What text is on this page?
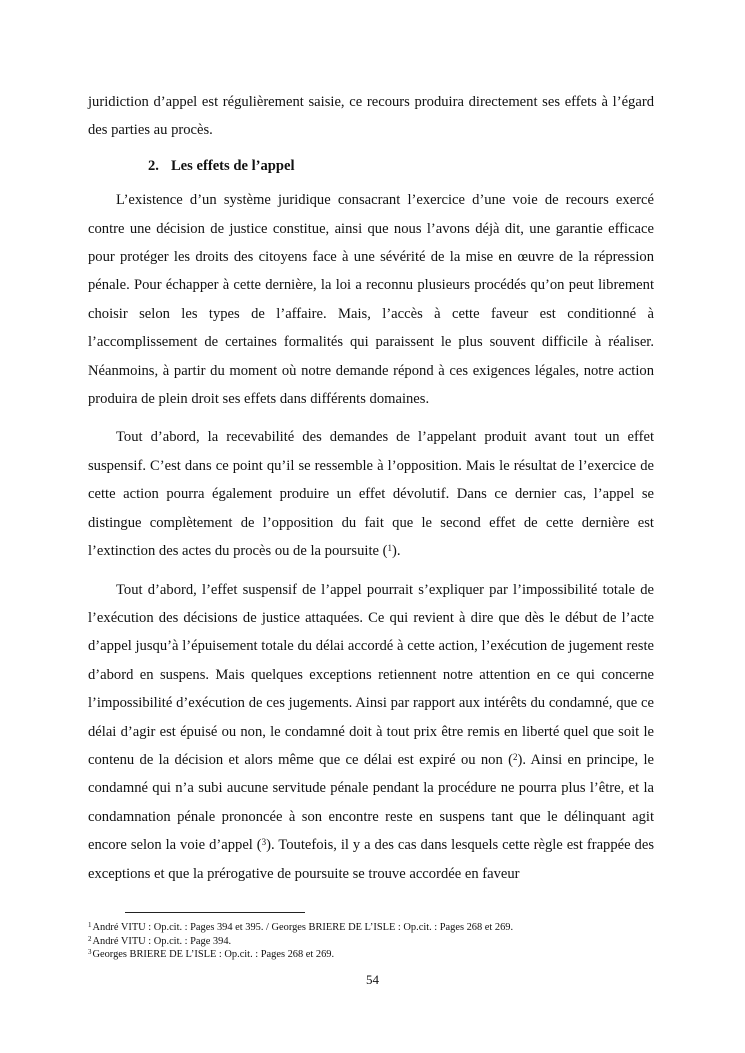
juridiction d’appel est régulièrement saisie, ce recours produira directement ses effets à l’égard des parties au procès.

2. Les effets de l’appel

L’existence d’un système juridique consacrant l’exercice d’une voie de recours exercé contre une décision de justice constitue, ainsi que nous l’avons déjà dit, une garantie efficace pour protéger les droits des citoyens face à une sévérité de la mise en œuvre de la répression pénale. Pour échapper à cette dernière, la loi a reconnu plusieurs procédés qu’on peut librement choisir selon les types de l’affaire. Mais, l’accès à cette faveur est conditionné à l’accomplissement de certaines formalités qui paraissent le plus souvent difficile à réaliser. Néanmoins, à partir du moment où notre demande répond à ces exigences légales, notre action produira de plein droit ses effets dans différents domaines.

Tout d’abord, la recevabilité des demandes de l’appelant produit avant tout un effet suspensif. C’est dans ce point qu’il se ressemble à l’opposition. Mais le résultat de l’exercice de cette action pourra également produire un effet dévolutif. Dans ce dernier cas, l’appel se distingue complètement de l’opposition du fait que le second effet de cette dernière est l’extinction des actes du procès ou de la poursuite ($^1$).

Tout d’abord, l’effet suspensif de l’appel pourrait s’expliquer par l’impossibilité totale de l’exécution des décisions de justice attaquées. Ce qui revient à dire que dès le début de l’acte d’appel jusqu’à l’épuisement totale du délai accordé à cette action, l’exécution de jugement reste d’abord en suspens. Mais quelques exceptions retiennent notre attention en ce qui concerne l’impossibilité d’exécution de ces jugements. Ainsi par rapport aux intérêts du condamné, que ce délai d’agir est épuisé ou non, le condamné doit à tout prix être remis en liberté quel que soit le contenu de la décision et alors même que ce délai est expiré ou non ($^2$). Ainsi en principe, le condamné qui n’a subi aucune servitude pénale pendant la procédure ne pourra plus l’être, et la condamnation pénale prononcée à son encontre reste en suspens tant que le délinquant agit encore selon la voie d’appel ($^3$). Toutefois, il y a des cas dans lesquels cette règle est frappée des exceptions et que la prérogative de poursuite se trouve accordée en faveur

$^1$André VITU : Op.cit. : Pages 394 et 395. / Georges BRIERE DE L’ISLE : Op.cit. : Pages 268 et 269.
$^2$André VITU : Op.cit. : Page 394.
$^3$Georges BRIERE DE L’ISLE : Op.cit. : Pages 268 et 269.
54
